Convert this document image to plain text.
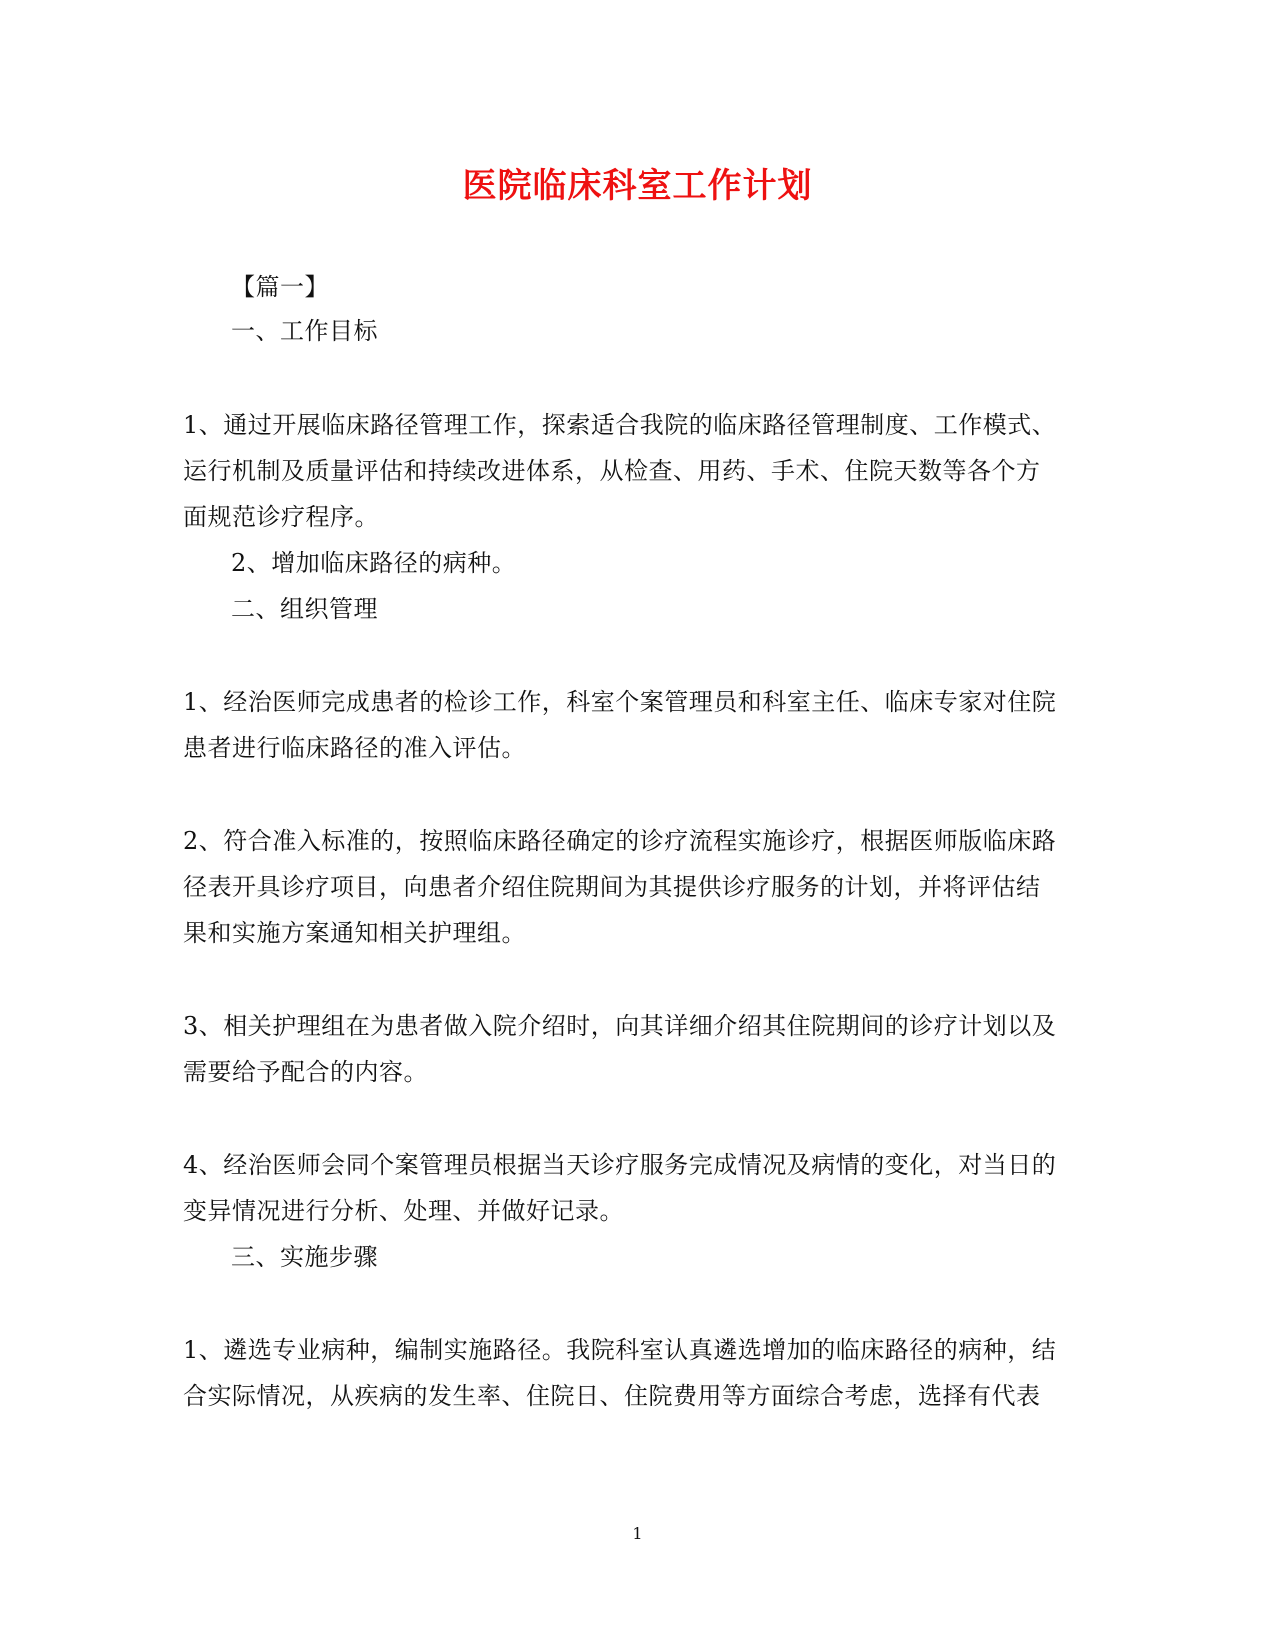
医院临床科室工作计划
【篇一】
一、工作目标
1、通过开展临床路径管理工作，探索适合我院的临床路径管理制度、工作模式、
运行机制及质量评估和持续改进体系，从检查、用药、手术、住院天数等各个方
面规范诊疗程序。
2、增加临床路径的病种。
二、组织管理
1、经治医师完成患者的检诊工作，科室个案管理员和科室主任、临床专家对住院
患者进行临床路径的准入评估。
2、符合准入标准的，按照临床路径确定的诊疗流程实施诊疗，根据医师版临床路
径表开具诊疗项目，向患者介绍住院期间为其提供诊疗服务的计划，并将评估结
果和实施方案通知相关护理组。
3、相关护理组在为患者做入院介绍时，向其详细介绍其住院期间的诊疗计划以及
需要给予配合的内容。
4、经治医师会同个案管理员根据当天诊疗服务完成情况及病情的变化，对当日的
变异情况进行分析、处理、并做好记录。
三、实施步骤
1、遴选专业病种，编制实施路径。我院科室认真遴选增加的临床路径的病种，结
合实际情况，从疾病的发生率、住院日、住院费用等方面综合考虑，选择有代表
1
